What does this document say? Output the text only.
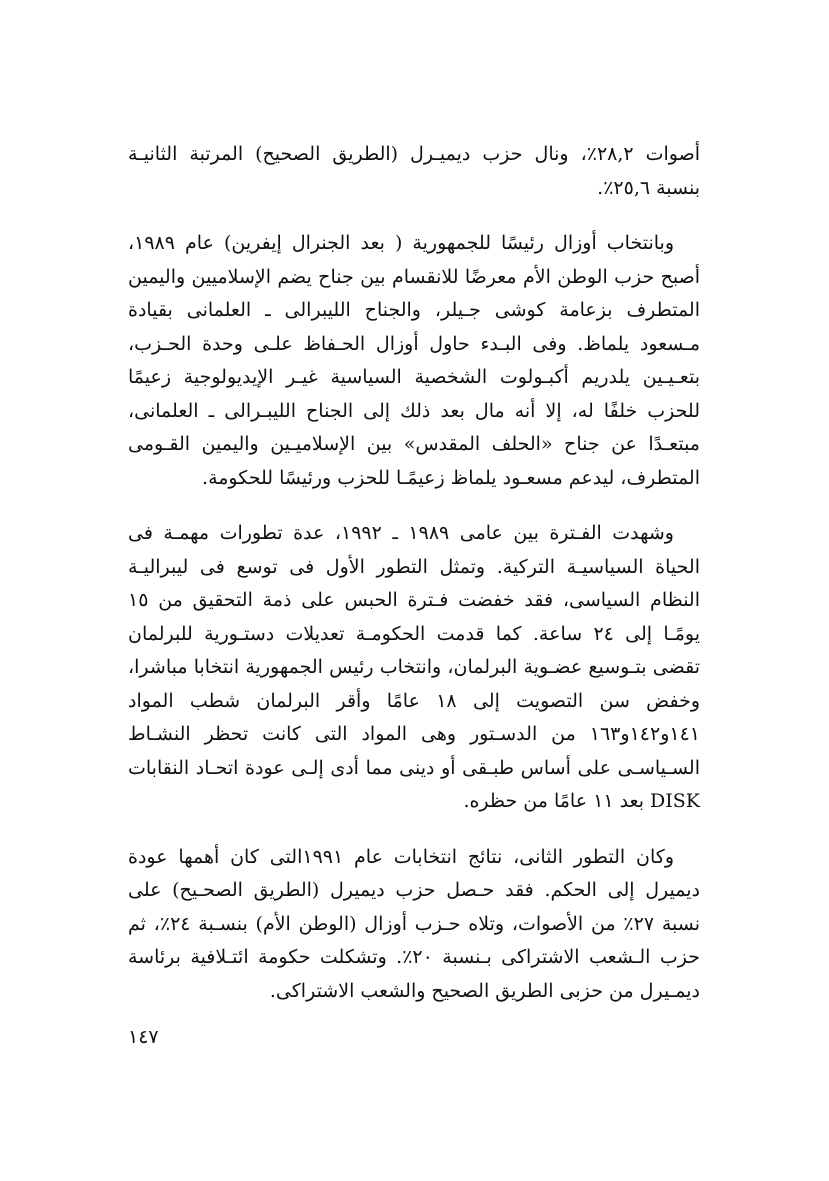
أصوات ٢٨,٢٪، ونال حزب ديميـرل (الطريق الصحيح) المرتبة الثانيـة بنسبة ٢٥,٦٪.

وبانتخاب أوزال رئيسًا للجمهورية ( بعد الجنرال إيفرين) عام ١٩٨٩، أصبح حزب الوطن الأم معرضًا للانقسام بين جناح يضم الإسلاميين واليمين المتطرف بزعامة كوشى جـيلر، والجناح الليبرالى ـ العلمانى بقيادة مـسعود يلماظ. وفى البـدء حاول أوزال الحـفاظ علـى وحدة الحـزب، بتعـيـين يلدريم أكبـولوت الشخصية السياسية غيـر الإيديولوجية زعيمًا للحزب خلفًا له، إلا أنه مال بعد ذلك إلى الجناح الليبـرالى ـ العلمانى، مبتعـدًا عن جناح «الحلف المقدس» بين الإسلاميـين واليمين القـومى المتطرف، ليدعم مسعـود يلماظ زعيمًـا للحزب ورئيسًا للحكومة.

وشهدت الفـترة بين عامى ١٩٨٩ ـ ١٩٩٢، عدة تطورات مهمـة فى الحياة السياسيـة التركية. وتمثل التطور الأول فى توسع فى ليبراليـة النظام السياسى، فقد خفضت فـترة الحبس على ذمة التحقيق من ١٥ يومًـا إلى ٢٤ ساعة. كما قدمت الحكومـة تعديلات دستـورية للبرلمان تقضى بتـوسيع عضـوية البرلمان، وانتخاب رئيس الجمهورية انتخابا مباشرا، وخفض سن التصويت إلى ١٨ عامًا وأقر البرلمان شطب المواد ١٤١و١٤٢و١٦٣ من الدسـتور وهى المواد التى كانت تحظر النشـاط السـياسـى على أساس طبـقى أو دينى مما أدى إلـى عودة اتحـاد النقابات DISK بعد ١١ عامًا من حظره.

وكان التطور الثانى، نتائج انتخابات عام ١٩٩١التى كان أهمها عودة ديميرل إلى الحكم. فقد حـصل حزب ديميرل (الطريق الصحـيح) على نسبة ٢٧٪ من الأصوات، وتلاه حـزب أوزال (الوطن الأم) بنسـبة ٢٤٪، ثم حزب الـشعب الاشتراكى بـنسبة ٢٠٪. وتشكلت حكومة ائتـلافية برئاسة ديمـيرل من حزبى الطريق الصحيح والشعب الاشتراكى.

١٤٧
